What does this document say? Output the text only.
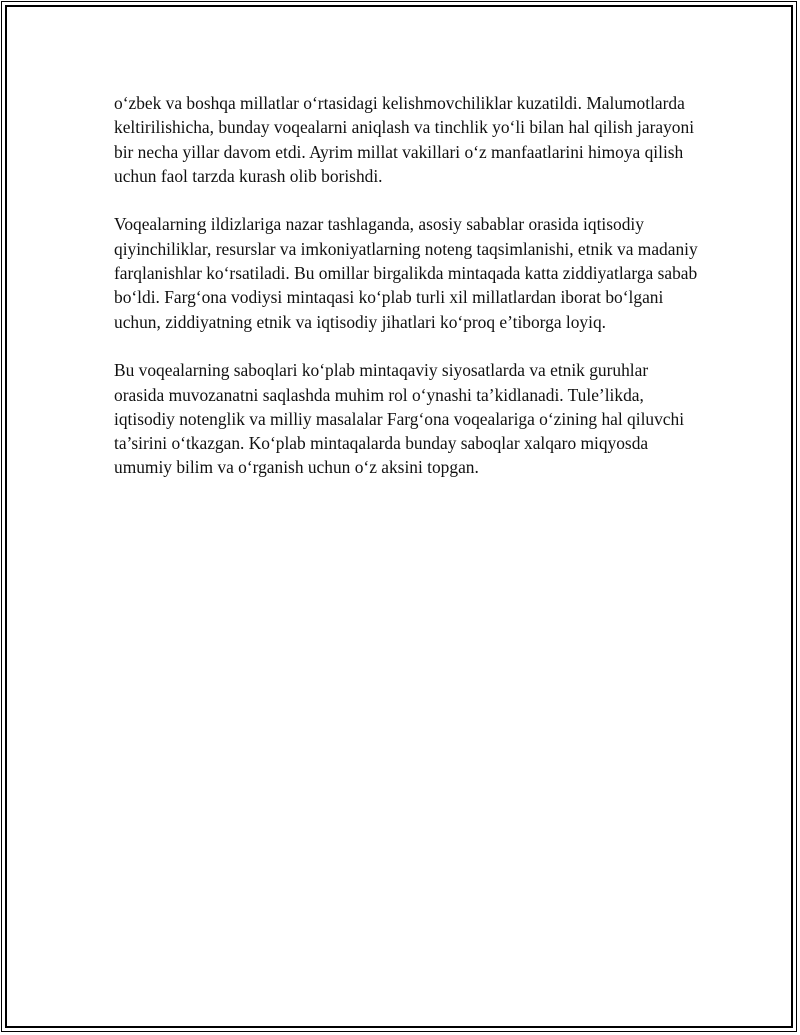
o‘zbek va boshqa millatlar o‘rtasidagi kelishmovchiliklar kuzatildi. Malumotlarda keltirilishicha, bunday voqealarni aniqlash va tinchlik yo‘li bilan hal qilish jarayoni bir necha yillar davom etdi. Ayrim millat vakillari o‘z manfaatlarini himoya qilish uchun faol tarzda kurash olib borishdi.

Voqealarning ildizlariga nazar tashlaganda, asosiy sabablar orasida iqtisodiy qiyinchiliklar, resurslar va imkoniyatlarning noteng taqsimlanishi, etnik va madaniy farqlanishlar ko‘rsatiladi. Bu omillar birgalikda mintaqada katta ziddiyatlarga sabab bo‘ldi. Farg‘ona vodiysi mintaqasi ko‘plab turli xil millatlardan iborat bo‘lgani uchun, ziddiyatning etnik va iqtisodiy jihatlari ko‘proq e’tiborga loyiq.

Bu voqealarning saboqlari ko‘plab mintaqaviy siyosatlarda va etnik guruhlar orasida muvozanatni saqlashda muhim rol o‘ynashi ta’kidlanadi. Tule’likda, iqtisodiy notenglik va milliy masalalar Farg‘ona voqealariga o‘zining hal qiluvchi ta’sirini o‘tkazgan. Ko‘plab mintaqalarda bunday saboqlar xalqaro miqyosda umumiy bilim va o‘rganish uchun o‘z aksini topgan.
